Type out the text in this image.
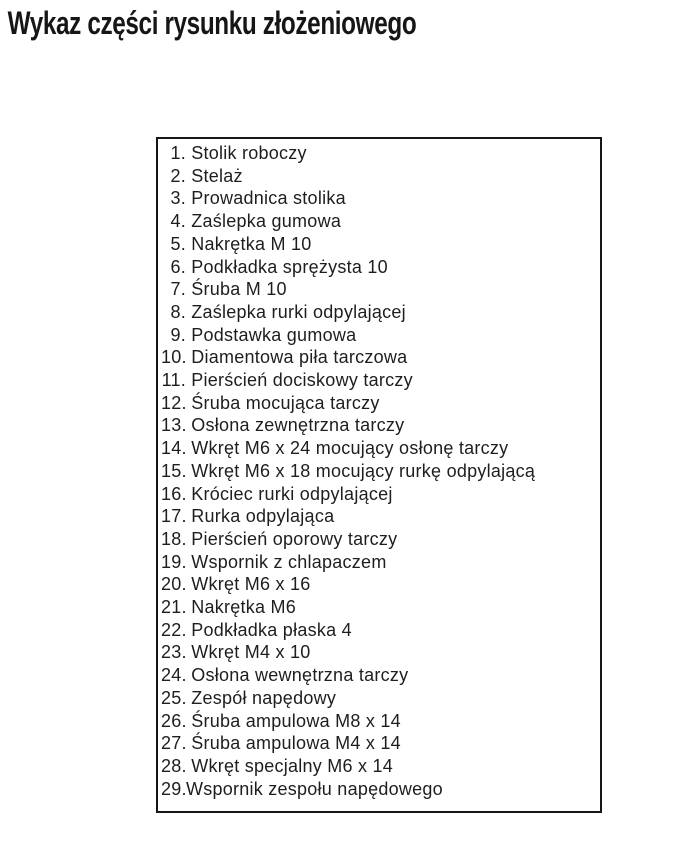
Wykaz części rysunku złożeniowego
1. Stolik roboczy
2. Stelaż
3. Prowadnica stolika
4. Zaślepka gumowa
5. Nakrętka M 10
6. Podkładka sprężysta 10
7. Śruba M 10
8. Zaślepka rurki odpylającej
9. Podstawka gumowa
10. Diamentowa piła tarczowa
11. Pierścień dociskowy tarczy
12. Śruba mocująca tarczy
13. Osłona zewnętrzna tarczy
14. Wkręt M6 x 24 mocujący osłonę tarczy
15. Wkręt M6 x 18 mocujący rurkę odpylającą
16. Króciec rurki odpylającej
17. Rurka odpylająca
18. Pierścień oporowy tarczy
19. Wspornik z chlapaczem
20. Wkręt M6 x 16
21. Nakrętka M6
22. Podkładka płaska 4
23. Wkręt M4 x 10
24. Osłona wewnętrzna tarczy
25. Zespół napędowy
26. Śruba ampulowa M8 x 14
27. Śruba ampulowa M4 x 14
28. Wkręt specjalny M6 x 14
29. Wspornik zespołu napędowego
